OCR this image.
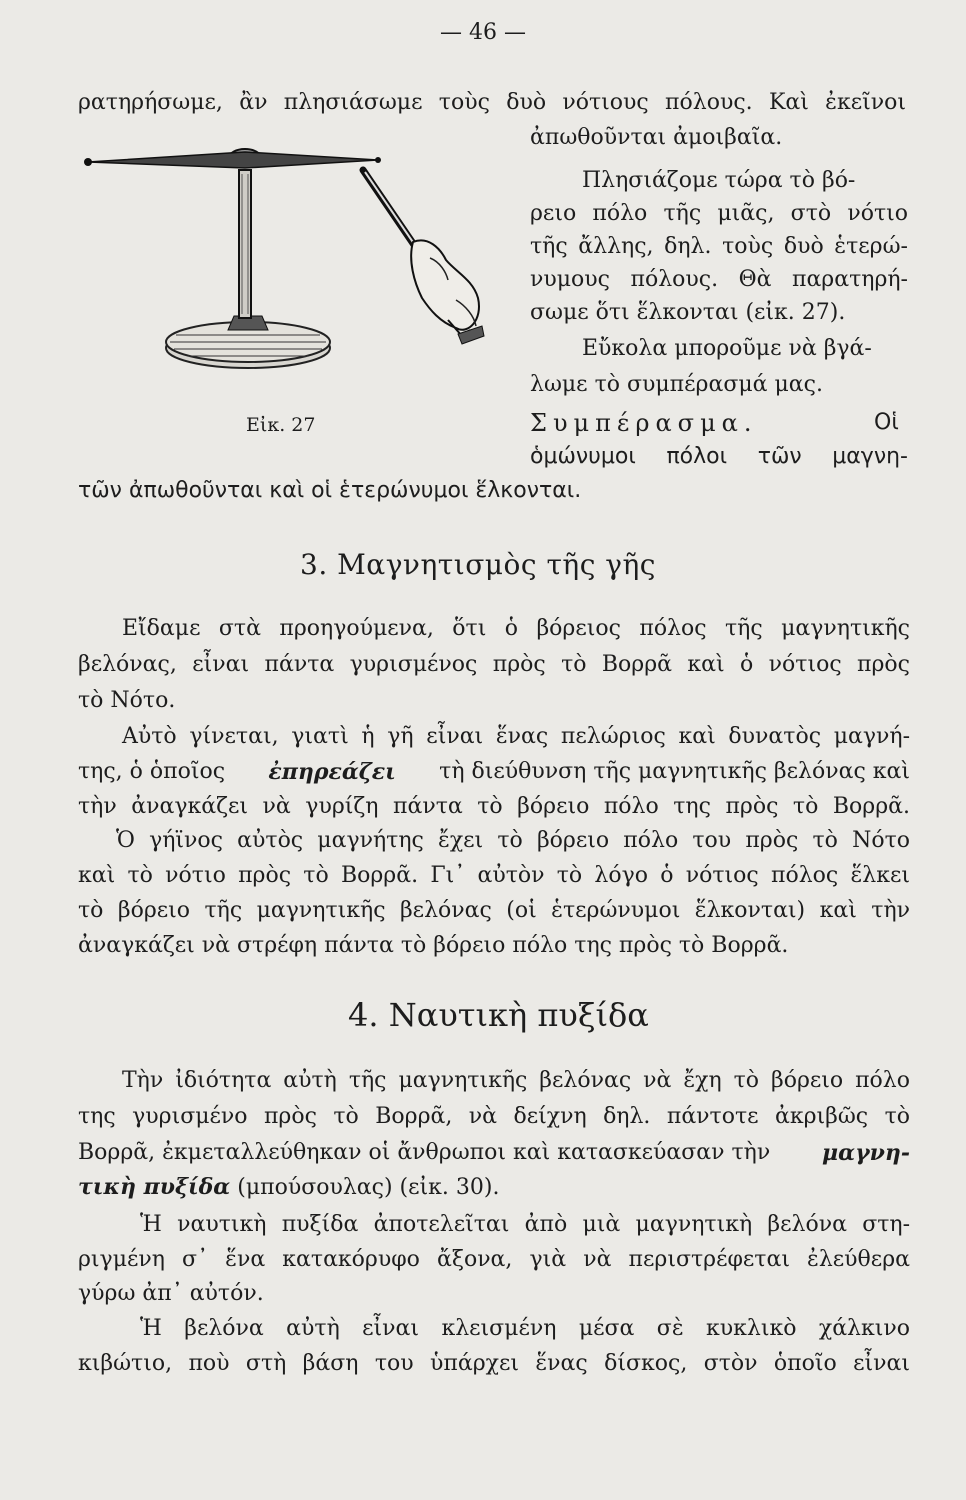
— 46 —
ρατηρήσωμε, ἂν πλησιάσωμε τοὺς δυὸ νότιους πόλους. Καὶ ἐκεῖνοι
ἀπωθοῦνται ἀμοιβαῖα.
Πλησιάζομε τώρα τὸ βό-
ρειο πόλο τῆς μιᾶς, στὸ νότιο
τῆς ἄλλης, δηλ. τοὺς δυὸ ἑτερώ-
νυμους πόλους. Θὰ παρατηρή-
σωμε ὅτι ἕλκονται (εἰκ. 27).
Εὔκολα μποροῦμε νὰ βγά-
λωμε τὸ συμπέρασμά μας.
Εἰκ. 27	Συμπέρασμα.	Οἱ
ὁμώνυμοι πόλοι τῶν μαγνη-
τῶν ἀπωθοῦνται καὶ οἱ ἑτερώνυμοι ἕλκονται.
3. Μαγνητισμὸς τῆς γῆς
Εἴδαμε στὰ προηγούμενα, ὅτι ὁ βόρειος πόλος τῆς μαγνητικῆς
βελόνας, εἶναι πάντα γυρισμένος πρὸς τὸ Βορρᾶ καὶ ὁ νότιος πρὸς
τὸ Νότο.
Αὐτὸ γίνεται, γιατὶ ἡ γῆ εἶναι ἕνας πελώριος καὶ δυνατὸς μαγνή-
της, ὁ ὁποῖος ἐπηρεάζει τὴ διεύθυνση τῆς μαγνητικῆς βελόνας καὶ
τὴν ἀναγκάζει νὰ γυρίζη πάντα τὸ βόρειο πόλο της πρὸς τὸ Βορρᾶ.
Ὁ γήϊνος αὐτὸς μαγνήτης ἔχει τὸ βόρειο πόλο του πρὸς τὸ Νότο
καὶ τὸ νότιο πρὸς τὸ Βορρᾶ. Γι᾿ αὐτὸν τὸ λόγο ὁ νότιος πόλος ἕλκει
τὸ βόρειο τῆς μαγνητικῆς βελόνας (οἱ ἑτερώνυμοι ἕλκονται) καὶ τὴν
ἀναγκάζει νὰ στρέφη πάντα τὸ βόρειο πόλο της πρὸς τὸ Βορρᾶ.
4. Ναυτικὴ πυξίδα
Τὴν ἰδιότητα αὐτὴ τῆς μαγνητικῆς βελόνας νὰ ἔχη τὸ βόρειο πόλο
της γυρισμένο πρὸς τὸ Βορρᾶ, νὰ δείχνη δηλ. πάντοτε ἀκριβῶς τὸ
Βορρᾶ, ἐκμεταλλεύθηκαν οἱ ἄνθρωποι καὶ κατασκεύασαν τὴν μαγνη-
τικὴ πυξίδα (μπούσουλας) (εἰκ. 30).
Ἡ ναυτικὴ πυξίδα ἀποτελεῖται ἀπὸ μιὰ μαγνητικὴ βελόνα στη-
ριγμένη σ᾿ ἕνα κατακόρυφο ἄξονα, γιὰ νὰ περιστρέφεται ἐλεύθερα
γύρω ἀπ᾿ αὐτόν.
Ἡ βελόνα αὐτὴ εἶναι κλεισμένη μέσα σὲ κυκλικὸ χάλκινο
κιβώτιο, ποὺ στὴ βάση του ὑπάρχει ἕνας δίσκος, στὸν ὁποῖο εἶναι
